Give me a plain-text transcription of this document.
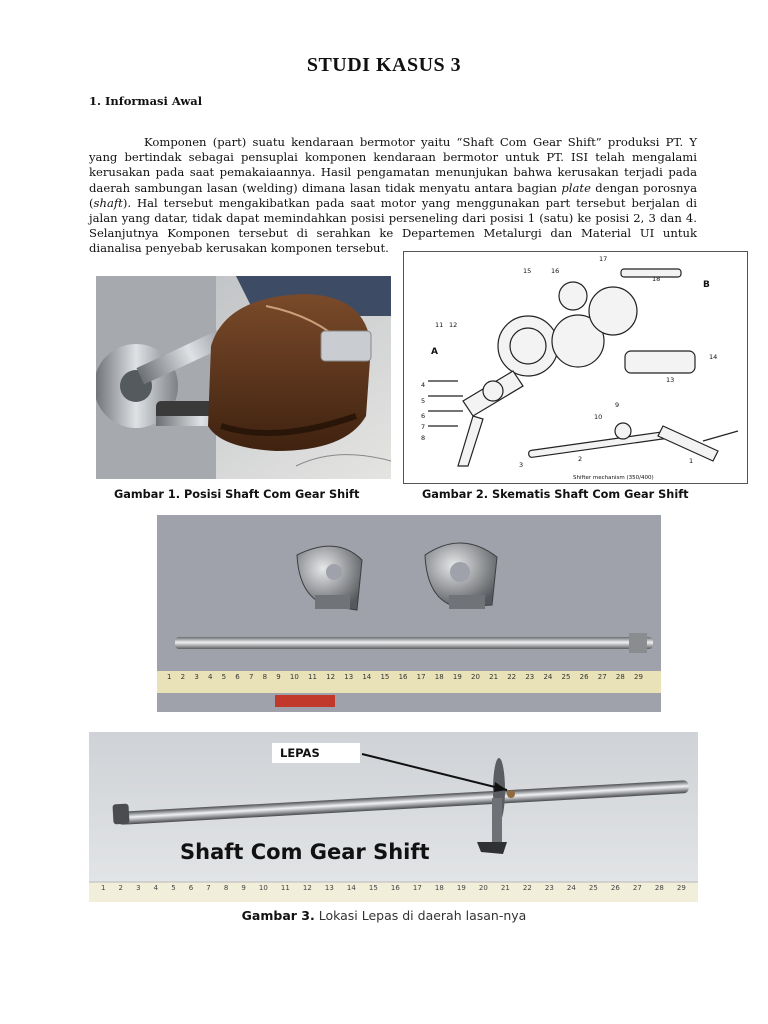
STUDI KASUS 3
1. Informasi Awal
Komponen (part) suatu kendaraan bermotor yaitu “Shaft Com Gear Shift” produksi PT. Y yang bertindak sebagai pensuplai komponen kendaraan bermotor untuk PT. ISI telah mengalami kerusakan pada saat pemakaiaannya. Hasil pengamatan menunjukan bahwa kerusakan terjadi pada daerah sambungan lasan (welding) dimana lasan tidak menyatu antara bagian plate dengan porosnya (shaft). Hal tersebut mengakibatkan pada saat motor yang menggunakan part tersebut berjalan di jalan yang datar, tidak dapat memindahkan posisi perseneling dari posisi 1 (satu) ke posisi 2, 3 dan 4. Selanjutnya Komponen tersebut di serahkan ke Departemen Metalurgi dan Material UI untuk dianalisa penyebab kerusakan komponen tersebut.
A
B
1
2
3
4
5
6
7
8
9
10
11 12
13
14
15	16
17
18
Shifter mechanism (350/400)
Gambar 1. Posisi Shaft Com Gear Shift	Gambar 2. Skematis Shaft Com Gear Shift
1 2 3 4 5 6 7 8 9 10 11 12 13 14 15 16 17 18 19 20 21 22 23 24 25 26 27 28 29
1 2 3 4 5 6 7 8 9 10 11 12 13 14 15 16 17 18 19 20 21 22 23 24 25 26 27 28 29
LEPAS
Shaft Com Gear Shift
Gambar 3. Lokasi Lepas di daerah lasan-nya
